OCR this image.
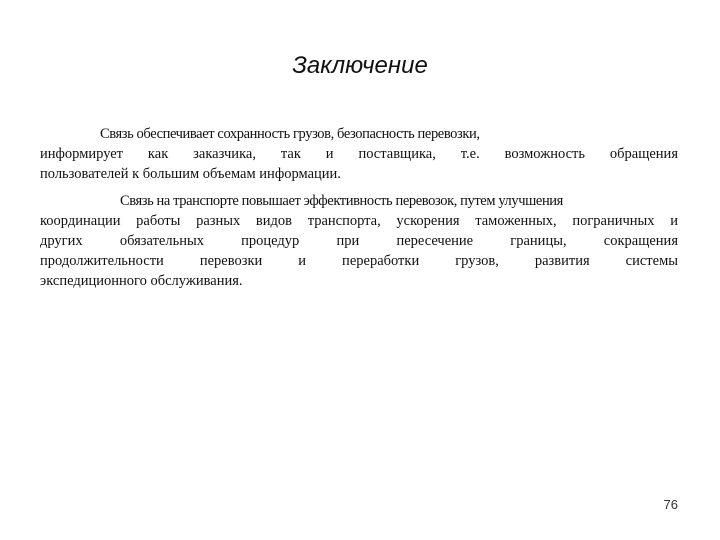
Заключение
Связь обеспечивает сохранность грузов, безопасность перевозки,
информирует как заказчика, так и поставщика, т.е. возможность обращения
пользователей к большим объемам информации.
Связь на транспорте повышает эффективность перевозок, путем улучшения
координации работы разных видов транспорта, ускорения таможенных, пограничных и
других обязательных процедур при пересечение границы, сокращения
продолжительности перевозки и переработки грузов, развития системы
экспедиционного обслуживания.
76
